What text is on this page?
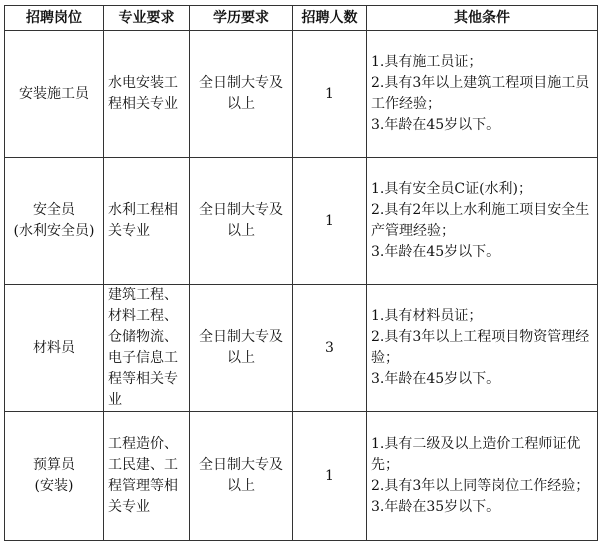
招聘岗位	专业要求	学历要求	招聘人数	其他条件

安装施工员	水电安装工程相关专业	全日制大专及以上	1	1.具有施工员证；
2.具有3年以上建筑工程项目施工员工作经验；
3.年龄在45岁以下。

安全员
(水利安全员)	水利工程相关专业	全日制大专及以上	1	1.具有安全员C证(水利)；
2.具有2年以上水利施工项目安全生产管理经验；
3.年龄在45岁以下。

材料员	建筑工程、材料工程、仓储物流、电子信息工程等相关专业	全日制大专及以上	3	1.具有材料员证；
2.具有3年以上工程项目物资管理经验；
3.年龄在45岁以下。

预算员
(安装)	工程造价、工民建、工程管理等相关专业	全日制大专及以上	1	1.具有二级及以上造价工程师证优先；
2.具有3年以上同等岗位工作经验；
3.年龄在35岁以下。
